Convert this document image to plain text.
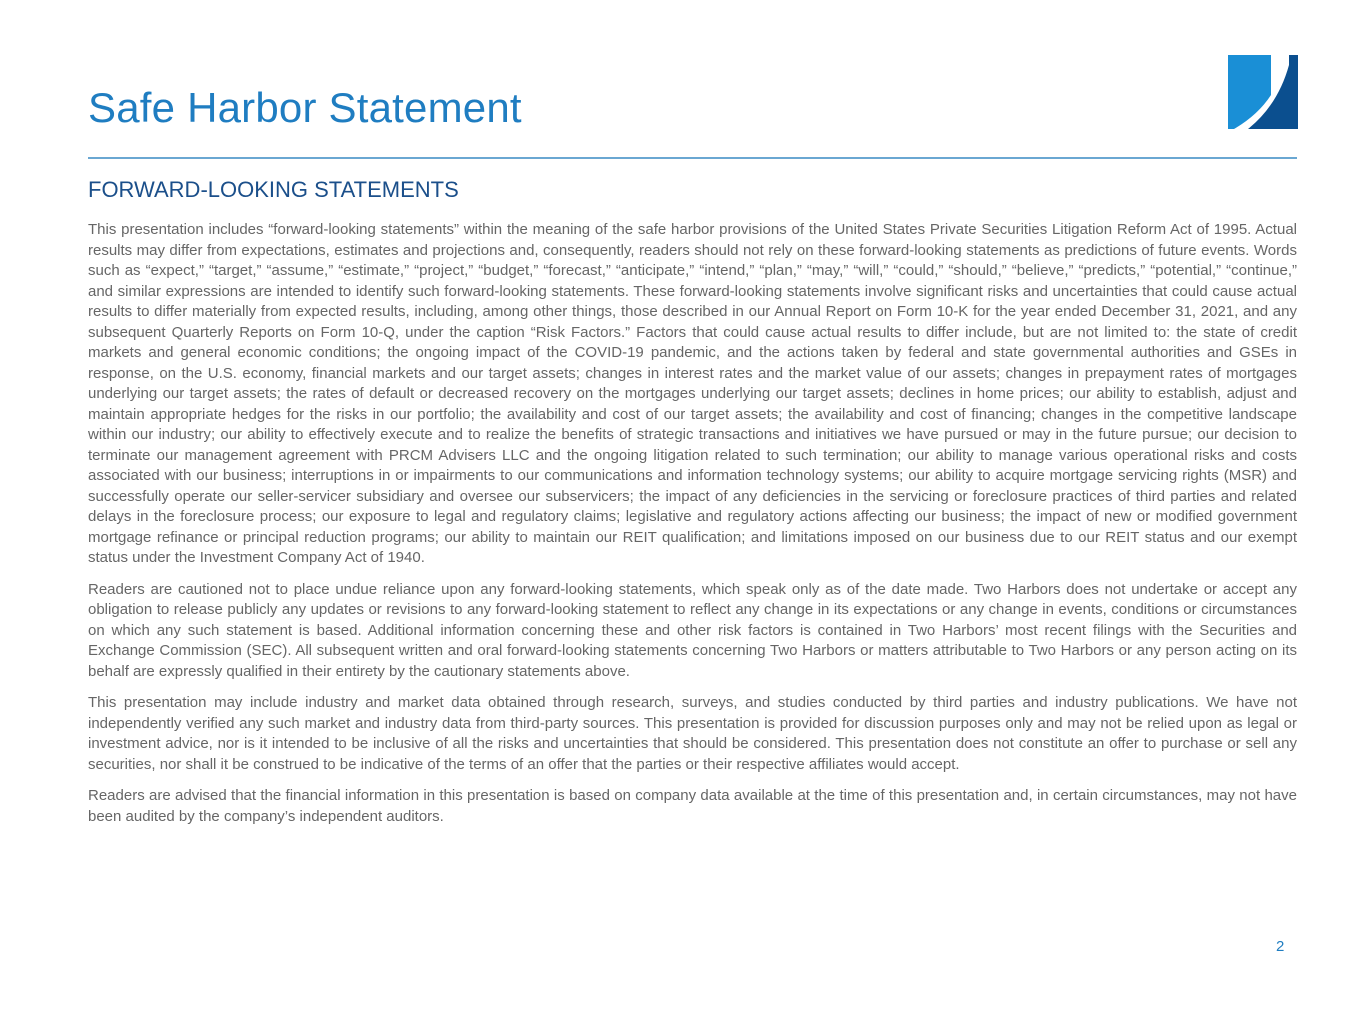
Safe Harbor Statement
FORWARD-LOOKING STATEMENTS

This presentation includes “forward-looking statements” within the meaning of the safe harbor provisions of the United States Private Securities Litigation Reform Act of 1995. Actual results may differ from expectations, estimates and projections and, consequently, readers should not rely on these forward-looking statements as predictions of future events. Words such as “expect,” “target,” “assume,” “estimate,” “project,” “budget,” “forecast,” “anticipate,” “intend,” “plan,” “may,” “will,” “could,” “should,” “believe,” “predicts,” “potential,” “continue,” and similar expressions are intended to identify such forward-looking statements. These forward-looking statements involve significant risks and uncertainties that could cause actual results to differ materially from expected results, including, among other things, those described in our Annual Report on Form 10-K for the year ended December 31, 2021, and any subsequent Quarterly Reports on Form 10-Q, under the caption “Risk Factors.” Factors that could cause actual results to differ include, but are not limited to: the state of credit markets and general economic conditions; the ongoing impact of the COVID-19 pandemic, and the actions taken by federal and state governmental authorities and GSEs in response, on the U.S. economy, financial markets and our target assets; changes in interest rates and the market value of our assets; changes in prepayment rates of mortgages underlying our target assets; the rates of default or decreased recovery on the mortgages underlying our target assets; declines in home prices; our ability to establish, adjust and maintain appropriate hedges for the risks in our portfolio; the availability and cost of our target assets; the availability and cost of financing; changes in the competitive landscape within our industry; our ability to effectively execute and to realize the benefits of strategic transactions and initiatives we have pursued or may in the future pursue; our decision to terminate our management agreement with PRCM Advisers LLC and the ongoing litigation related to such termination; our ability to manage various operational risks and costs associated with our business; interruptions in or impairments to our communications and information technology systems; our ability to acquire mortgage servicing rights (MSR) and successfully operate our seller-servicer subsidiary and oversee our subservicers; the impact of any deficiencies in the servicing or foreclosure practices of third parties and related delays in the foreclosure process; our exposure to legal and regulatory claims; legislative and regulatory actions affecting our business; the impact of new or modified government mortgage refinance or principal reduction programs; our ability to maintain our REIT qualification; and limitations imposed on our business due to our REIT status and our exempt status under the Investment Company Act of 1940.

Readers are cautioned not to place undue reliance upon any forward-looking statements, which speak only as of the date made. Two Harbors does not undertake or accept any obligation to release publicly any updates or revisions to any forward-looking statement to reflect any change in its expectations or any change in events, conditions or circumstances on which any such statement is based. Additional information concerning these and other risk factors is contained in Two Harbors’ most recent filings with the Securities and Exchange Commission (SEC). All subsequent written and oral forward-looking statements concerning Two Harbors or matters attributable to Two Harbors or any person acting on its behalf are expressly qualified in their entirety by the cautionary statements above.

This presentation may include industry and market data obtained through research, surveys, and studies conducted by third parties and industry publications. We have not independently verified any such market and industry data from third-party sources. This presentation is provided for discussion purposes only and may not be relied upon as legal or investment advice, nor is it intended to be inclusive of all the risks and uncertainties that should be considered. This presentation does not constitute an offer to purchase or sell any securities, nor shall it be construed to be indicative of the terms of an offer that the parties or their respective affiliates would accept.

Readers are advised that the financial information in this presentation is based on company data available at the time of this presentation and, in certain circumstances, may not have been audited by the company’s independent auditors.

2
